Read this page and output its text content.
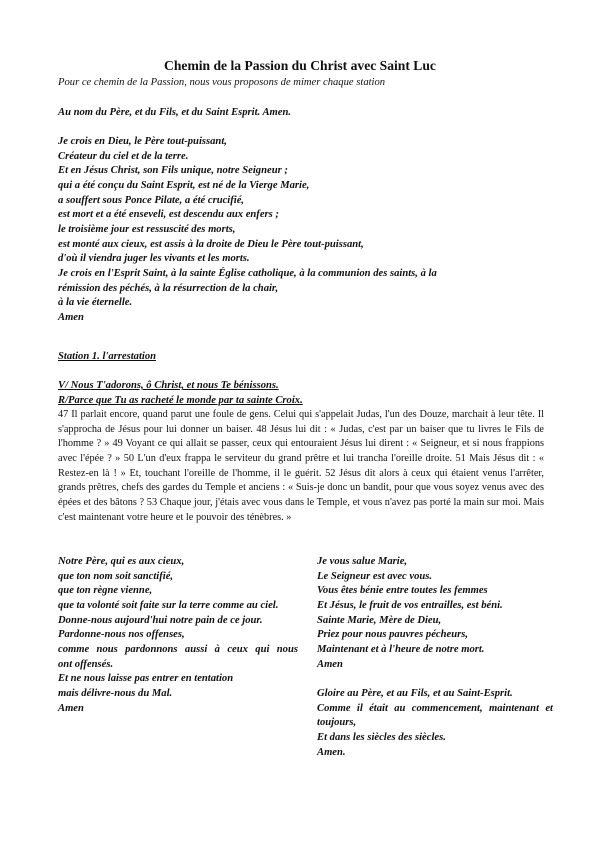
Chemin de la Passion du Christ avec Saint Luc
Pour ce chemin de la Passion, nous vous proposons de mimer chaque station
Au nom du Père, et du Fils, et du Saint Esprit. Amen.
Je crois en Dieu, le Père tout-puissant,
Créateur du ciel et de la terre.
Et en Jésus Christ, son Fils unique, notre Seigneur ;
qui a été conçu du Saint Esprit, est né de la Vierge Marie,
a souffert sous Ponce Pilate, a été crucifié,
est mort et a été enseveli, est descendu aux enfers ;
le troisième jour est ressuscité des morts,
est monté aux cieux, est assis à la droite de Dieu le Père tout-puissant,
d'où il viendra juger les vivants et les morts.
Je crois en l'Esprit Saint, à la sainte Église catholique, à la communion des saints, à la
rémission des péchés, à la résurrection de la chair,
à la vie éternelle.
Amen
Station 1. l'arrestation
V/ Nous T'adorons, ô Christ, et nous Te bénissons.
R/Parce que Tu as racheté le monde par ta sainte Croix.
47 Il parlait encore, quand parut une foule de gens. Celui qui s'appelait Judas, l'un des Douze, marchait à leur tête. Il s'approcha de Jésus pour lui donner un baiser. 48 Jésus lui dit : « Judas, c'est par un baiser que tu livres le Fils de l'homme ? » 49 Voyant ce qui allait se passer, ceux qui entouraient Jésus lui dirent : « Seigneur, et si nous frappions avec l'épée ? » 50 L'un d'eux frappa le serviteur du grand prêtre et lui trancha l'oreille droite. 51 Mais Jésus dit : « Restez-en là ! » Et, touchant l'oreille de l'homme, il le guérit. 52 Jésus dit alors à ceux qui étaient venus l'arrêter, grands prêtres, chefs des gardes du Temple et anciens : « Suis-je donc un bandit, pour que vous soyez venus avec des épées et des bâtons ? 53 Chaque jour, j'étais avec vous dans le Temple, et vous n'avez pas porté la main sur moi. Mais c'est maintenant votre heure et le pouvoir des ténèbres. »
Notre Père, qui es aux cieux,
que ton nom soit sanctifié,
que ton règne vienne,
que ta volonté soit faite sur la terre comme au ciel.
Donne-nous aujourd'hui notre pain de ce jour.
Pardonne-nous nos offenses,
comme nous pardonnons aussi à ceux qui nous
ont offensés.
Et ne nous laisse pas entrer en tentation
mais délivre-nous du Mal.
Amen
Je vous salue Marie,
Le Seigneur est avec vous.
Vous êtes bénie entre toutes les femmes
Et Jésus, le fruit de vos entrailles, est béni.
Sainte Marie, Mère de Dieu,
Priez pour nous pauvres pécheurs,
Maintenant et à l'heure de notre mort.
Amen
Gloire au Père, et au Fils, et au Saint-Esprit.
Comme il était au commencement, maintenant et
toujours,
Et dans les siècles des siècles.
Amen.
